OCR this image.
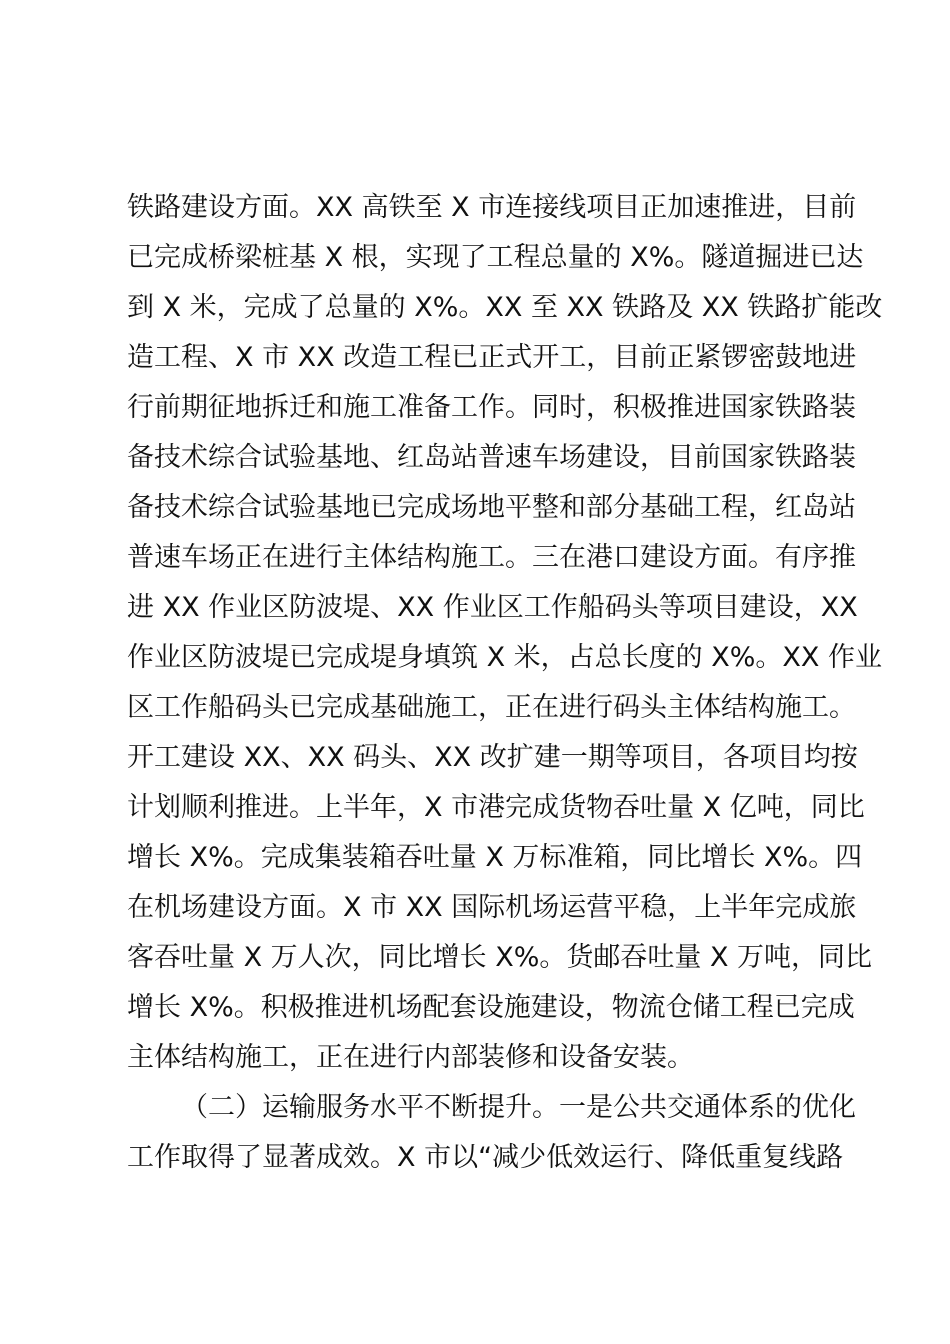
铁路建设方面。XX 高铁至 X 市连接线项目正加速推进，目前
已完成桥梁桩基 X 根，实现了工程总量的 X%。隧道掘进已达
到 X 米，完成了总量的 X%。XX 至 XX 铁路及 XX 铁路扩能改
造工程、X 市 XX 改造工程已正式开工，目前正紧锣密鼓地进
行前期征地拆迁和施工准备工作。同时，积极推进国家铁路装
备技术综合试验基地、红岛站普速车场建设，目前国家铁路装
备技术综合试验基地已完成场地平整和部分基础工程，红岛站
普速车场正在进行主体结构施工。三在港口建设方面。有序推
进 XX 作业区防波堤、XX 作业区工作船码头等项目建设，XX
作业区防波堤已完成堤身填筑 X 米，占总长度的 X%。XX 作业
区工作船码头已完成基础施工，正在进行码头主体结构施工。
开工建设 XX、XX 码头、XX 改扩建一期等项目，各项目均按
计划顺利推进。上半年，X 市港完成货物吞吐量 X 亿吨，同比
增长 X%。完成集装箱吞吐量 X 万标准箱，同比增长 X%。四
在机场建设方面。X 市 XX 国际机场运营平稳，上半年完成旅
客吞吐量 X 万人次，同比增长 X%。货邮吞吐量 X 万吨，同比
增长 X%。积极推进机场配套设施建设，物流仓储工程已完成
主体结构施工，正在进行内部装修和设备安装。
（二）运输服务水平不断提升。一是公共交通体系的优化
工作取得了显著成效。X 市以“减少低效运行、降低重复线路
